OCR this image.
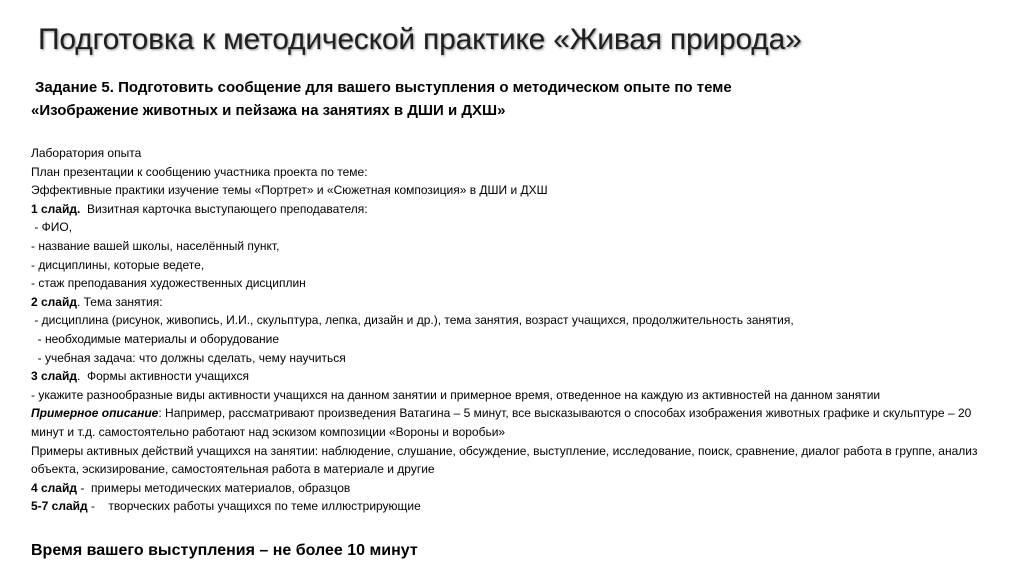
Подготовка к методической практике «Живая природа»
Задание 5. Подготовить сообщение для вашего выступления о методическом опыте по теме
«Изображение животных и пейзажа на занятиях в ДШИ и ДХШ»
Лаборатория опыта
План презентации к сообщению участника проекта по теме:
Эффективные практики изучение темы «Портрет» и «Сюжетная композиция» в ДШИ и ДХШ
1 слайд.  Визитная карточка выступающего преподавателя:
- ФИО,
- название вашей школы, населённый пункт,
- дисциплины, которые ведете,
- стаж преподавания художественных дисциплин
2 слайд. Тема занятия:
- дисциплина (рисунок, живопись, И.И., скульптура, лепка, дизайн и др.), тема занятия, возраст учащихся, продолжительность занятия,
- необходимые материалы и оборудование
- учебная задача: что должны сделать, чему научиться
3 слайд.  Формы активности учащихся
- укажите разнообразные виды активности учащихся на данном занятии и примерное время, отведенное на каждую из активностей на данном занятии
Примерное описание: Например, рассматривают произведения Ватагина – 5 минут, все высказываются о способах изображения животных графике и скульптуре – 20 минут и т.д. самостоятельно работают над эскизом композиции «Вороны и воробьи»
Примеры активных действий учащихся на занятии: наблюдение, слушание, обсуждение, выступление, исследование, поиск, сравнение, диалог работа в группе, анализ объекта, эскизирование, самостоятельная работа в материале и другие
4 слайд -  примеры методических материалов, образцов
5-7 слайд -    творческих работы учащихся по теме иллюстрирующие
Время вашего выступления – не более 10 минут
